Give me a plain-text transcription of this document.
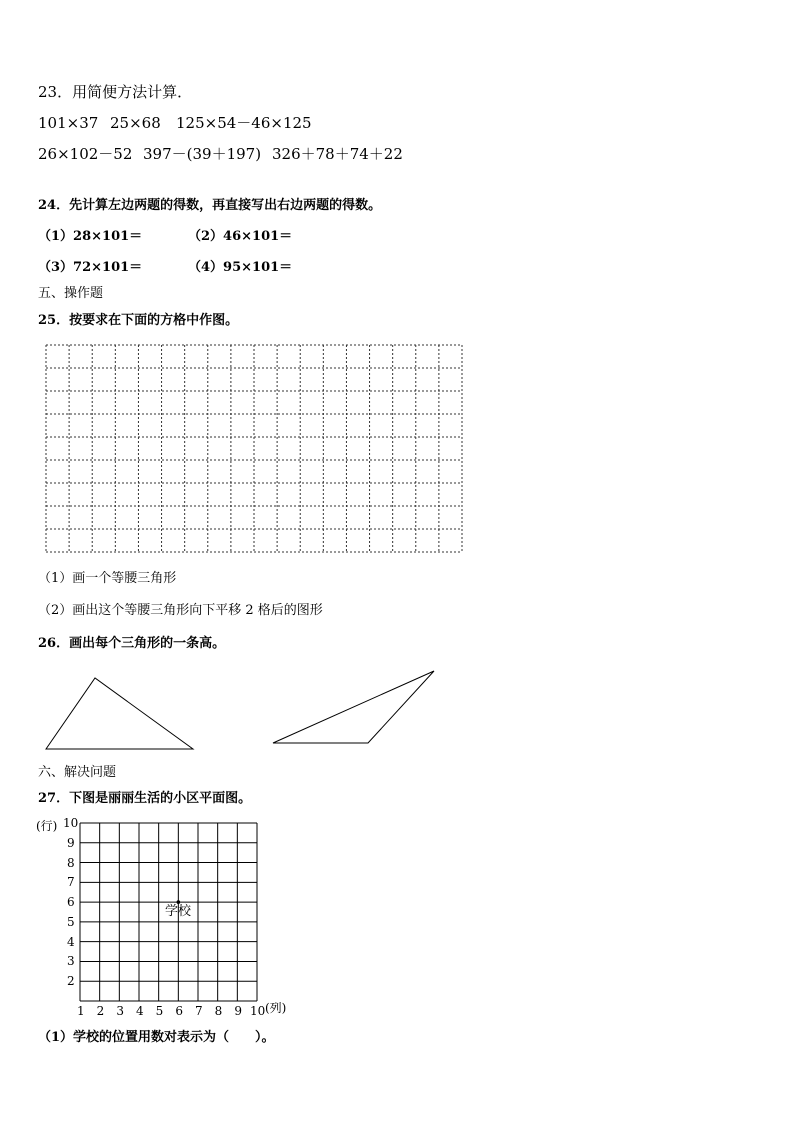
23．用简便方法计算．
101×37 25×68 125×54－46×125
26×102－52 397－(39＋197) 326＋78＋74＋22
24．先计算左边两题的得数，再直接写出右边两题的得数。
（1）28×101＝	（2）46×101＝
（3）72×101＝	（4）95×101＝
五、操作题
25．按要求在下面的方格中作图。
（1）画一个等腰三角形
（2）画出这个等腰三角形向下平移 2 格后的图形
26．画出每个三角形的一条高。
六、解决问题
27．下图是丽丽生活的小区平面图。
(行)
(列)
10
9
8
7
6
5
4
3
2
1 2 3 4 5 6 7 8 9 10
学校
（1）学校的位置用数对表示为（　　）。
